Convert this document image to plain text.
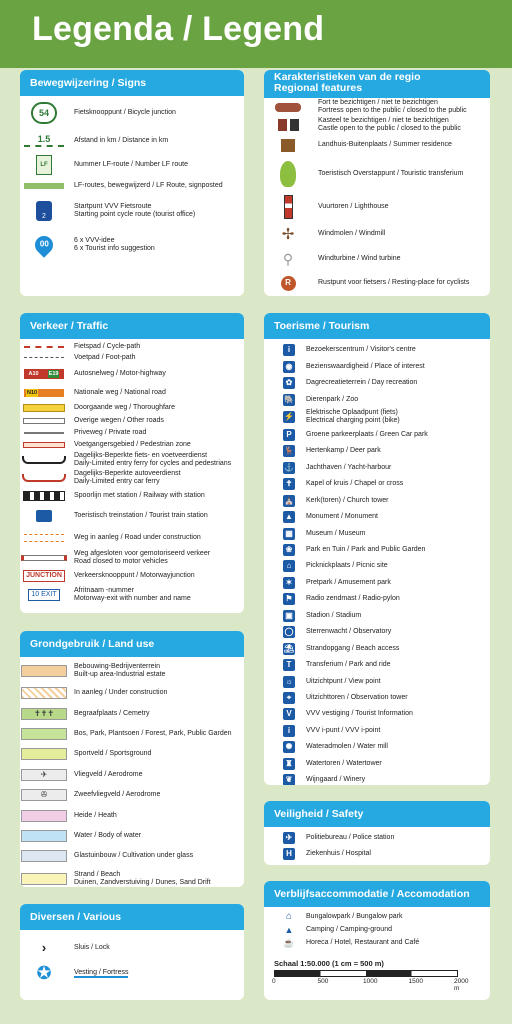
Legenda / Legend
Bewegwijzering / Signs
54	Fietsknooppunt / Bicycle junction
1.5	Afstand in km / Distance in km
LF	Nummer LF-route / Number LF route
LF-routes, bewegwijzerd / LF Route, signposted
2
Startpunt VVV Fietsroute
Starting point cycle route (tourist office)
00	6 x VVV-idee
6 x Tourist info suggestion
Karakteristieken van de regio
Regional features
Fort te bezichtigen / niet te bezichtigen
Fortress open to the public / closed to the public
Kasteel te bezichtigen / niet te bezichtigen
Castle open to the public / closed to the public
Landhuis-Buitenplaats / Summer residence
Toeristisch Overstappunt / Touristic transferium
Vuurtoren / Lighthouse
✢	Windmolen / Windmill
⚲	Windturbine / Wind turbine
R	Rustpunt voor fietsers / Resting-place for cyclists
Verkeer / Traffic
Fietspad / Cycle-path
Voetpad / Foot-path
A10 E19	Autosnelweg / Motor-highway
N10	Nationale weg / National road
Doorgaande weg / Thoroughfare
Overige wegen / Other roads
Priveweg / Private road
Voetgangersgebied / Pedestrian zone
Dagelijks-Beperkte fiets- en voetveerdienst
Daily-Limited entry ferry for cycles and pedestrians
Dagelijks-Beperkte autoveerdienst
Daily-Limited entry car ferry
Spoorlijn met station / Railway with station
Toeristisch treinstation / Tourist train station
Weg in aanleg / Road under construction
Weg afgesloten voor gemotoriseerd verkeer
Road closed to motor vehicles
JUNCTION	Verkeersknooppunt / Motorwayjunction
10 EXIT
Afritnaam -nummer
Motorway-exit with number and name
Toerisme / Tourism
i	Bezoekerscentrum / Visitor's centre
◉	Bezienswaardigheid / Place of interest
✿	Dagrecreatieterrein / Day recreation
🐘 Dierenpark / Zoo
⚡ Elektrische Oplaadpunt (fiets)
Electrical charging point (bike)
P	Groene parkeerplaats / Green Car park
🦌 Hertenkamp / Deer park
⚓ Jachthaven / Yacht-harbour
✝	Kapel of kruis / Chapel or cross
⛪ Kerk(toren) / Church tower
▲ Monument / Monument
▦	Museum / Museum
❀	Park en Tuin / Park and Public Garden
⌂	Picknickplaats / Picnic site
✶	Pretpark / Amusement park
⚑	Radio zendmast / Radio-pylon
▣	Stadion / Stadium
◯ Sterrenwacht / Observatory
⛱ Strandopgang / Beach access
T	Transferium / Park and ride
☼	Uitzichtpunt / View point
⌖	Uitzichttoren / Observation tower
V	VVV vestiging / Tourist Information
i	VVV i-punt / VVV i-point
✺	Wateradmolen / Water mill
♜	Watertoren / Watertower
❦	Wijngaard / Winery
Grondgebruik / Land use
Bebouwing-Bedrijventerrein
Built-up area-Industrial estate
In aanleg / Under construction
✝✝✝	Begraafplaats / Cemetry
Bos, Park, Plantsoen / Forest, Park, Public Garden
Sportveld / Sportsground
✈	Vliegveld / Aerodrome
✇	Zweefvliegveld / Aerodrome
Heide / Heath
Water / Body of water
Glastuinbouw / Cultivation under glass
Strand / Beach
Duinen, Zandverstuiving / Dunes, Sand Drift
Veiligheid / Safety
✈	Politiebureau / Police station
H	Ziekenhuis / Hospital
Verblijfsaccommodatie / Accomodation
⌂	Bungalowpark / Bungalow park
▲	Camping / Camping-ground
☕	Horeca / Hotel, Restaurant and Café
Schaal 1:50.000 (1 cm = 500 m)
0	500	1000	1500	2000 m
Diversen / Various
›	Sluis / Lock
✪	Vesting / Fortress
